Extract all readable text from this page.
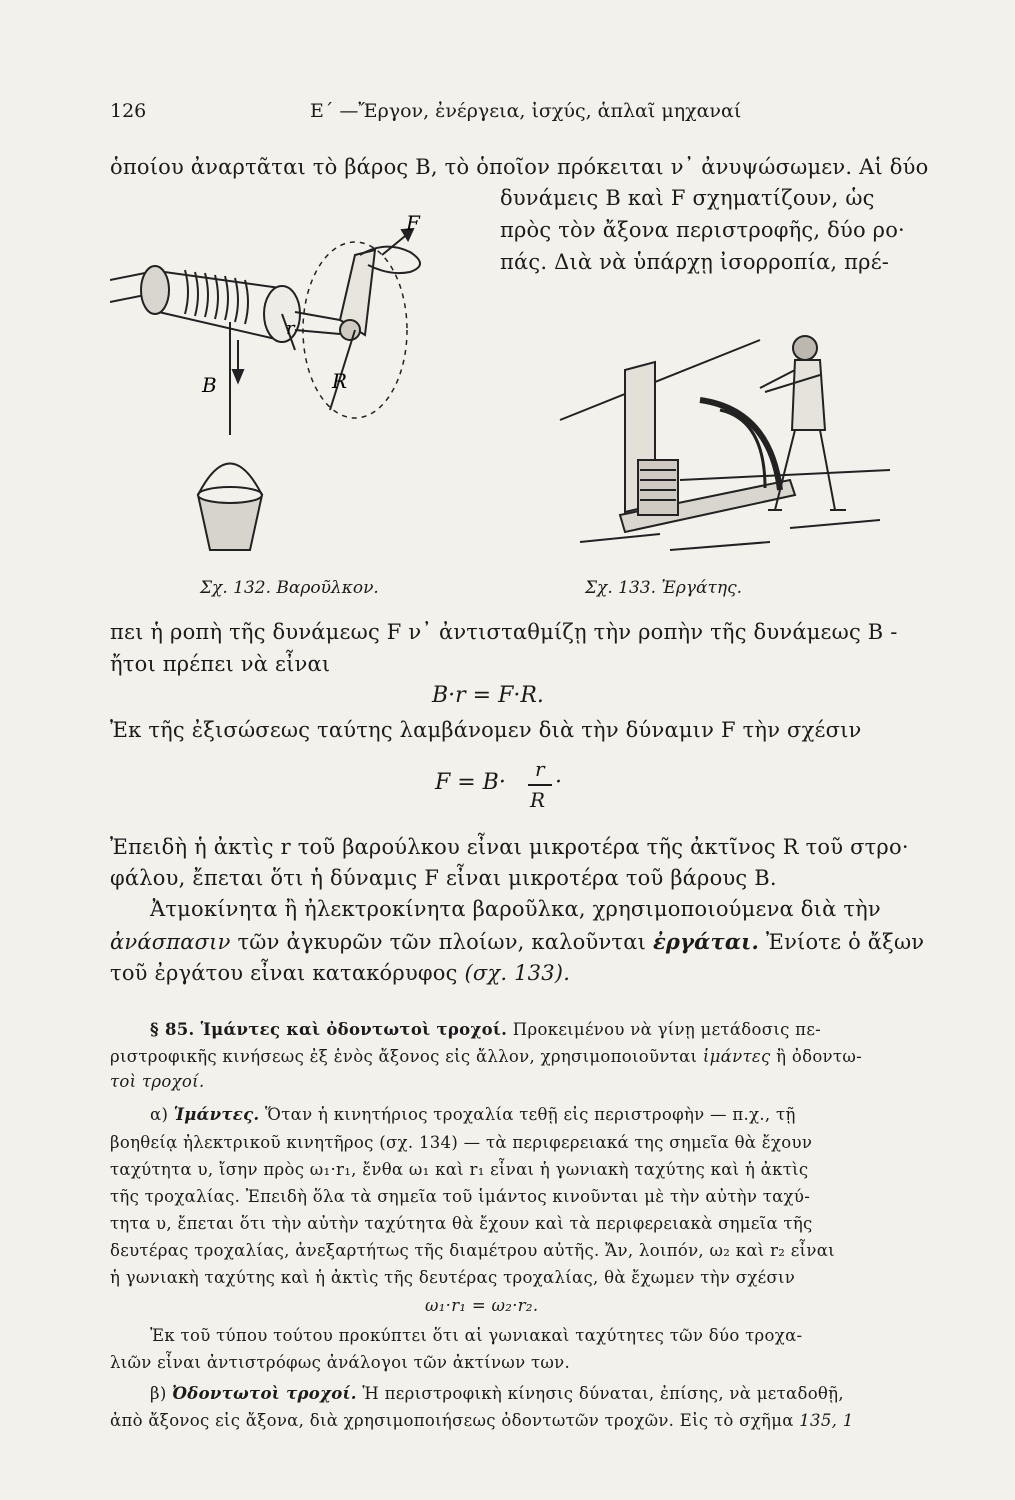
126	Ε΄ —Ἔργον, ἐνέργεια, ἰσχύς, ἁπλαῖ μηχαναί
ὁποίου ἀναρτᾶται τὸ βάρος B, τὸ ὁποῖον πρόκειται ν᾿ ἀνυψώσωμεν. Αἱ δύο
δυνάμεις B καὶ F σχηματίζουν, ὡς
πρὸς τὸν ἄξονα περιστροφῆς, δύο ρο·
πάς. Διὰ νὰ ὑπάρχῃ ἰσορροπία, πρέ-
F
B
r
R
Σχ. 132. Βαροῦλκον.	Σχ. 133. Ἐργάτης.
πει ἡ ροπὴ τῆς δυνάμεως F ν᾿ ἀντισταθμίζῃ τὴν ροπὴν τῆς δυνάμεως B -
ἤτοι πρέπει νὰ εἶναι
B·r = F·R.
Ἐκ τῆς ἐξισώσεως ταύτης λαμβάνομεν διὰ τὴν δύναμιν F τὴν σχέσιν
F = B·
r
R
·
Ἐπειδὴ ἡ ἀκτὶς r τοῦ βαρούλκου εἶναι μικροτέρα τῆς ἀκτῖνος R τοῦ στρο·
φάλου, ἔπεται ὅτι ἡ δύναμις F εἶναι μικροτέρα τοῦ βάρους B.
Ἀτμοκίνητα ἢ ἠλεκτροκίνητα βαροῦλκα, χρησιμοποιούμενα διὰ τὴν
ἀνάσπασιν τῶν ἀγκυρῶν τῶν πλοίων, καλοῦνται ἐργάται. Ἐνίοτε ὁ ἄξων
τοῦ ἐργάτου εἶναι κατακόρυφος (σχ. 133).
§ 85. Ἱμάντες καὶ ὀδοντωτοὶ τροχοί. Προκειμένου νὰ γίνῃ μετάδοσις πε-
ριστροφικῆς κινήσεως ἐξ ἑνὸς ἄξονος εἰς ἄλλον, χρησιμοποιοῦνται ἱμάντες ἢ ὀδοντω-
τοὶ τροχοί.
α) Ἱμάντες. Ὅταν ἡ κινητήριος τροχαλία τεθῇ εἰς περιστροφὴν — π.χ., τῇ
βοηθείᾳ ἠλεκτρικοῦ κινητῆρος (σχ. 134) — τὰ περιφερειακά της σημεῖα θὰ ἔχουν
ταχύτητα υ, ἴσην πρὸς ω₁·r₁, ἔνθα ω₁ καὶ r₁ εἶναι ἡ γωνιακὴ ταχύτης καὶ ἡ ἀκτὶς
τῆς τροχαλίας. Ἐπειδὴ ὅλα τὰ σημεῖα τοῦ ἱμάντος κινοῦνται μὲ τὴν αὐτὴν ταχύ-
τητα υ, ἔπεται ὅτι τὴν αὐτὴν ταχύτητα θὰ ἔχουν καὶ τὰ περιφερειακὰ σημεῖα τῆς
δευτέρας τροχαλίας, ἀνεξαρτήτως τῆς διαμέτρου αὐτῆς. Ἄν, λοιπόν, ω₂ καὶ r₂ εἶναι
ἡ γωνιακὴ ταχύτης καὶ ἡ ἀκτὶς τῆς δευτέρας τροχαλίας, θὰ ἔχωμεν τὴν σχέσιν
ω₁·r₁ = ω₂·r₂.
Ἐκ τοῦ τύπου τούτου προκύπτει ὅτι αἱ γωνιακαὶ ταχύτητες τῶν δύο τροχα-
λιῶν εἶναι ἀντιστρόφως ἀνάλογοι τῶν ἀκτίνων των.
β) Ὀδοντωτοὶ τροχοί. Ἡ περιστροφικὴ κίνησις δύναται, ἐπίσης, νὰ μεταδοθῇ,
ἀπὸ ἄξονος εἰς ἄξονα, διὰ χρησιμοποιήσεως ὀδοντωτῶν τροχῶν. Εἰς τὸ σχῆμα 135, 1
